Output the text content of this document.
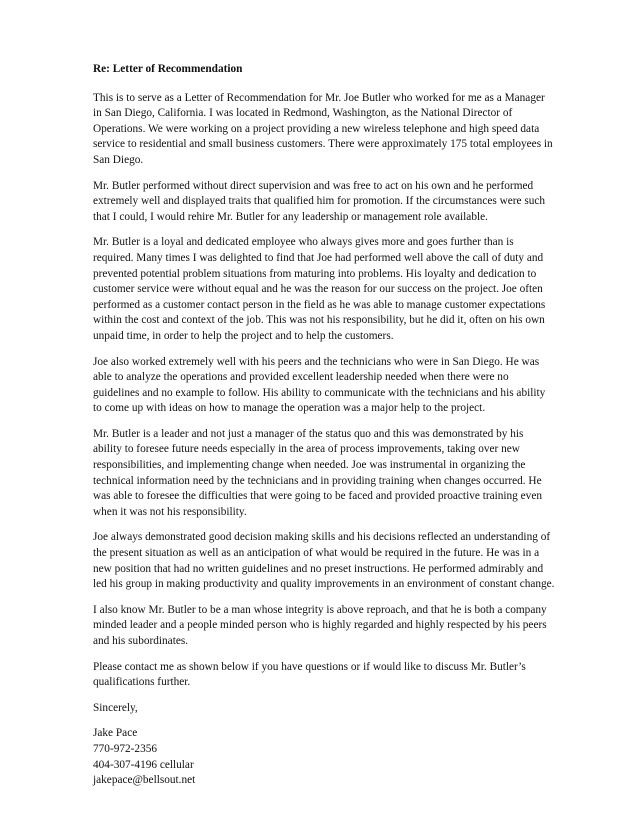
Re: Letter of Recommendation

This is to serve as a Letter of Recommendation for Mr. Joe Butler who worked for me as a Manager in San Diego, California. I was located in Redmond, Washington, as the National Director of Operations. We were working on a project providing a new wireless telephone and high speed data service to residential and small business customers. There were approximately 175 total employees in San Diego.

Mr. Butler performed without direct supervision and was free to act on his own and he performed extremely well and displayed traits that qualified him for promotion. If the circumstances were such that I could, I would rehire Mr. Butler for any leadership or management role available.

Mr. Butler is a loyal and dedicated employee who always gives more and goes further than is required. Many times I was delighted to find that Joe had performed well above the call of duty and prevented potential problem situations from maturing into problems. His loyalty and dedication to customer service were without equal and he was the reason for our success on the project. Joe often performed as a customer contact person in the field as he was able to manage customer expectations within the cost and context of the job. This was not his responsibility, but he did it, often on his own unpaid time, in order to help the project and to help the customers.

Joe also worked extremely well with his peers and the technicians who were in San Diego. He was able to analyze the operations and provided excellent leadership needed when there were no guidelines and no example to follow. His ability to communicate with the technicians and his ability to come up with ideas on how to manage the operation was a major help to the project.

Mr. Butler is a leader and not just a manager of the status quo and this was demonstrated by his ability to foresee future needs especially in the area of process improvements, taking over new responsibilities, and implementing change when needed. Joe was instrumental in organizing the technical information need by the technicians and in providing training when changes occurred. He was able to foresee the difficulties that were going to be faced and provided proactive training even when it was not his responsibility.

Joe always demonstrated good decision making skills and his decisions reflected an understanding of the present situation as well as an anticipation of what would be required in the future. He was in a new position that had no written guidelines and no preset instructions. He performed admirably and led his group in making productivity and quality improvements in an environment of constant change.

I also know Mr. Butler to be a man whose integrity is above reproach, and that he is both a company minded leader and a people minded person who is highly regarded and highly respected by his peers and his subordinates.

Please contact me as shown below if you have questions or if would like to discuss Mr. Butler’s qualifications further.

Sincerely,

Jake Pace
770-972-2356
404-307-4196 cellular
jakepace@bellsout.net
